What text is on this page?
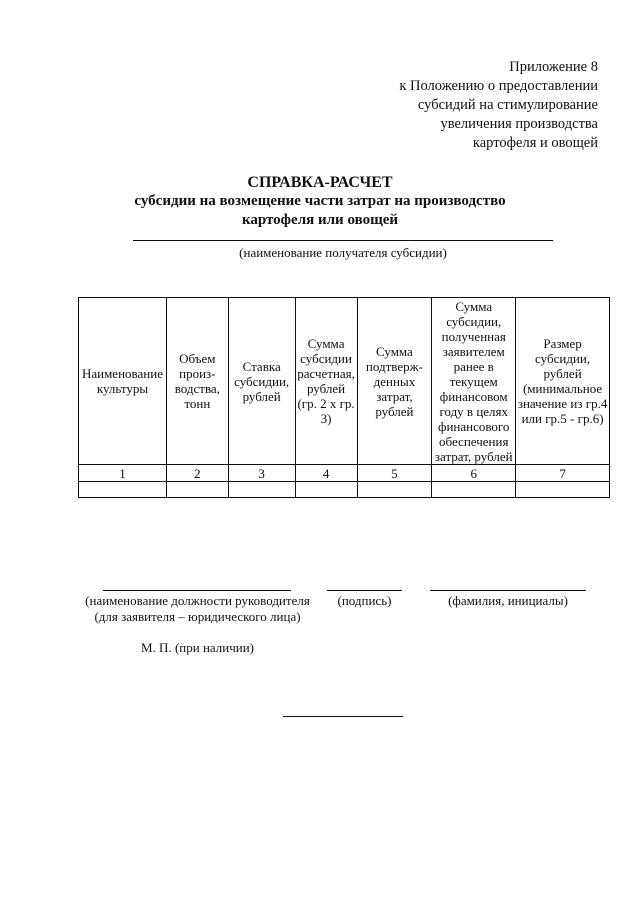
Приложение 8
к Положению о предоставлении
субсидий на стимулирование
увеличения производства
картофеля и овощей
СПРАВКА-РАСЧЕТ
субсидии на возмещение части затрат на производство
картофеля или овощей
(наименование получателя субсидии)
Наименование культуры	Объем произ-водства, тонн	Ставка субсидии, рублей	Сумма субсидии расчетная, рублей (гр. 2 х гр. 3)	Сумма подтверж-денных затрат, рублей	Сумма субсидии, полученная заявителем ранее в текущем финансовом году в целях финансового обеспечения затрат, рублей	Размер субсидии, рублей (минимальное значение из гр.4 или гр.5 - гр.6)
1	2	3	4	5	6	7

(наименование должности руководителя
(для заявителя – юридического лица)
(подпись)	(фамилия, инициалы)
М. П. (при наличии)
